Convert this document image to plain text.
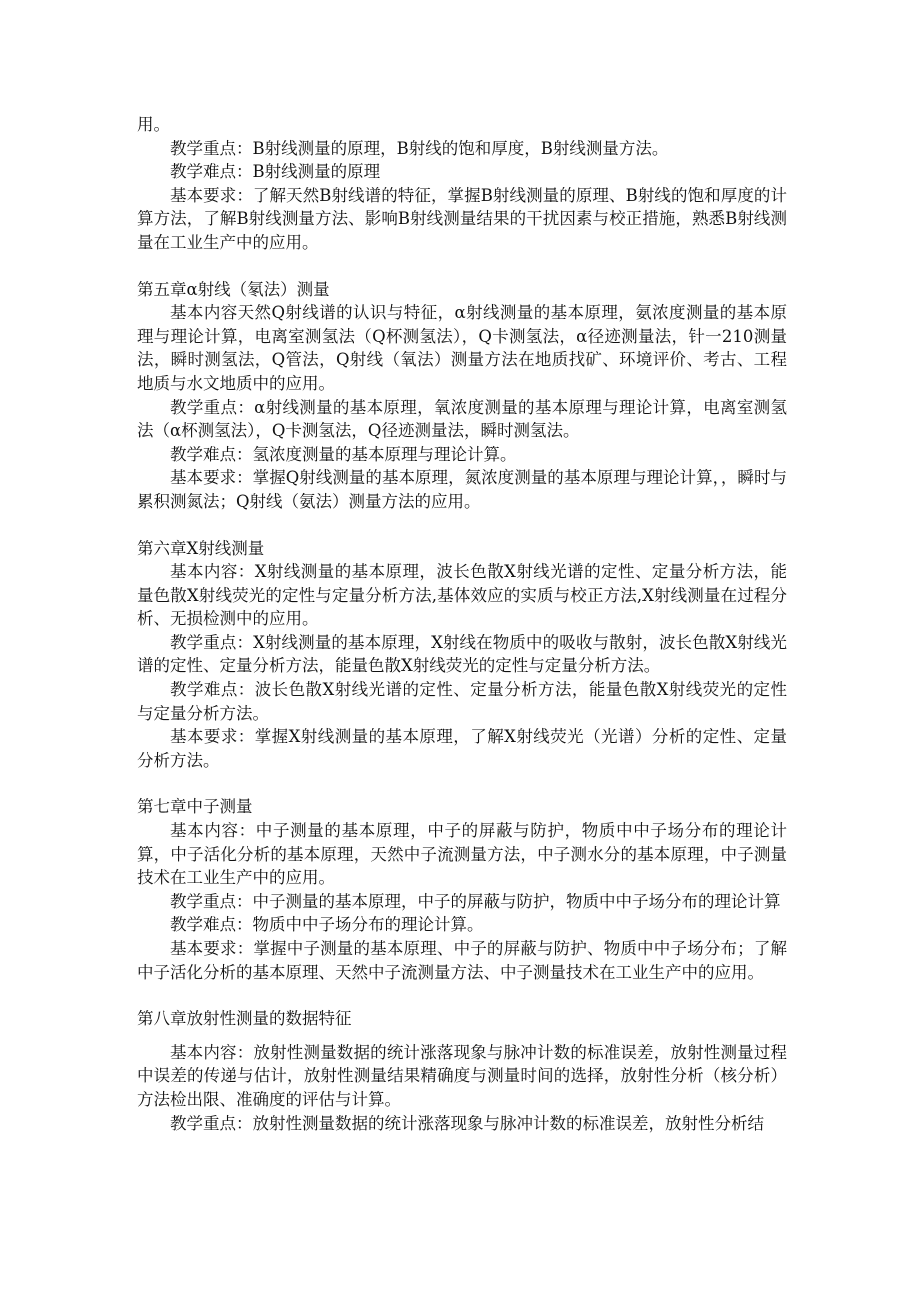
用。

教学重点：B射线测量的原理，B射线的饱和厚度，B射线测量方法。

教学难点：B射线测量的原理

基本要求：了解天然B射线谱的特征，掌握B射线测量的原理、B射线的饱和厚度的计算方法，了解B射线测量方法、影响B射线测量结果的干扰因素与校正措施，熟悉B射线测量在工业生产中的应用。

第五章α射线（氡法）测量

基本内容天然Q射线谱的认识与特征，α射线测量的基本原理，氨浓度测量的基本原理与理论计算，电离室测氢法（Q杯测氢法），Q卡测氢法，α径迹测量法，针一210测量法，瞬时测氢法，Q管法，Q射线（氧法）测量方法在地质找矿、环境评价、考古、工程地质与水文地质中的应用。

教学重点：α射线测量的基本原理，氧浓度测量的基本原理与理论计算，电离室测氢法（α杯测氢法），Q卡测氢法，Q径迹测量法，瞬时测氢法。

教学难点：氢浓度测量的基本原理与理论计算。

基本要求：掌握Q射线测量的基本原理，氮浓度测量的基本原理与理论计算，，瞬时与累积测氮法；Q射线（氨法）测量方法的应用。

第六章X射线测量

基本内容：X射线测量的基本原理，波长色散X射线光谱的定性、定量分析方法，能量色散X射线荧光的定性与定量分析方法,基体效应的实质与校正方法,X射线测量在过程分析、无损检测中的应用。

教学重点：X射线测量的基本原理，X射线在物质中的吸收与散射，波长色散X射线光谱的定性、定量分析方法，能量色散X射线荧光的定性与定量分析方法。

教学难点：波长色散X射线光谱的定性、定量分析方法，能量色散X射线荧光的定性与定量分析方法。

基本要求：掌握X射线测量的基本原理，了解X射线荧光（光谱）分析的定性、定量分析方法。

第七章中子测量

基本内容：中子测量的基本原理，中子的屏蔽与防护，物质中中子场分布的理论计算，中子活化分析的基本原理，天然中子流测量方法，中子测水分的基本原理，中子测量技术在工业生产中的应用。

教学重点：中子测量的基本原理，中子的屏蔽与防护，物质中中子场分布的理论计算

教学难点：物质中中子场分布的理论计算。

基本要求：掌握中子测量的基本原理、中子的屏蔽与防护、物质中中子场分布；了解中子活化分析的基本原理、天然中子流测量方法、中子测量技术在工业生产中的应用。

第八章放射性测量的数据特征

基本内容：放射性测量数据的统计涨落现象与脉冲计数的标准误差，放射性测量过程中误差的传递与估计，放射性测量结果精确度与测量时间的选择，放射性分析（核分析）方法检出限、准确度的评估与计算。

教学重点：放射性测量数据的统计涨落现象与脉冲计数的标准误差，放射性分析结
